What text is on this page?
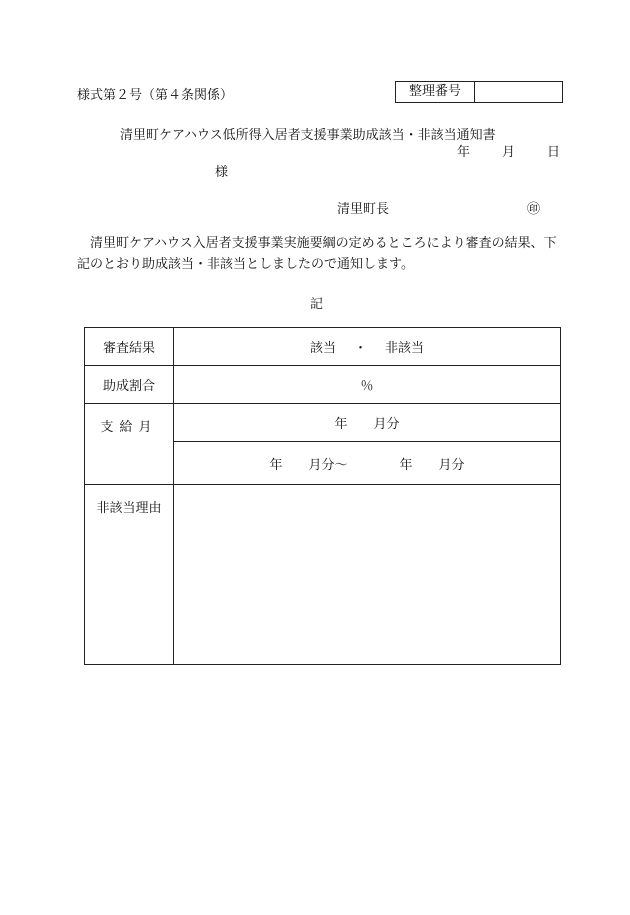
様式第２号（第４条関係）	整理番号
清里町ケアハウス低所得入居者支援事業助成該当・非該当通知書
年 月 日
様
清里町長	㊞
清里町ケアハウス入居者支援事業実施要綱の定めるところにより審査の結果、下記のとおり助成該当・非該当としましたので通知します。
記
審査結果	該当 ・ 非該当
助成割合	％
支給月	年　　月分
	年　　月分～　　　　年　　月分
非該当理由	
